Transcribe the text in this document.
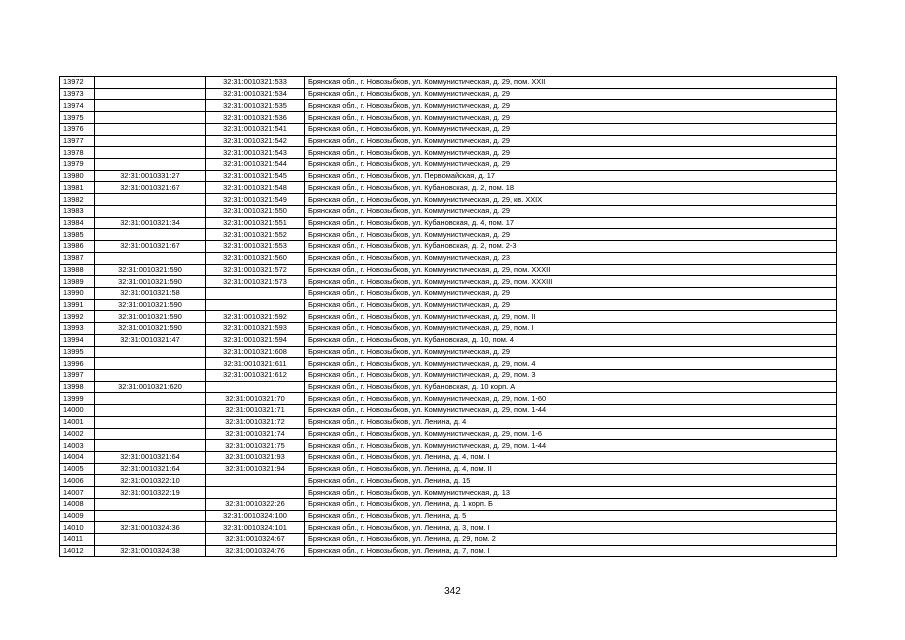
13972		32:31:0010321:533	Брянская обл., г. Новозыбков, ул. Коммунистическая, д. 29, пом. XXII
13973		32:31:0010321:534	Брянская обл., г. Новозыбков, ул. Коммунистическая, д. 29
13974		32:31:0010321:535	Брянская обл., г. Новозыбков, ул. Коммунистическая, д. 29
13975		32:31:0010321:536	Брянская обл., г. Новозыбков, ул. Коммунистическая, д. 29
13976		32:31:0010321:541	Брянская обл., г. Новозыбков, ул. Коммунистическая, д. 29
13977		32:31:0010321:542	Брянская обл., г. Новозыбков, ул. Коммунистическая, д. 29
13978		32:31:0010321:543	Брянская обл., г. Новозыбков, ул. Коммунистическая, д. 29
13979		32:31:0010321:544	Брянская обл., г. Новозыбков, ул. Коммунистическая, д. 29
13980	32:31:0010331:27	32:31:0010321:545	Брянская обл., г. Новозыбков, ул. Первомайская, д. 17
13981	32:31:0010321:67	32:31:0010321:548	Брянская обл., г. Новозыбков, ул. Кубановская, д. 2, пом. 18
13982		32:31:0010321:549	Брянская обл., г. Новозыбков, ул. Коммунистическая, д. 29, кв. XXIX
13983		32:31:0010321:550	Брянская обл., г. Новозыбков, ул. Коммунистическая, д. 29
13984	32:31:0010321:34	32:31:0010321:551	Брянская обл., г. Новозыбков, ул. Кубановская, д. 4, пом. 17
13985		32:31:0010321:552	Брянская обл., г. Новозыбков, ул. Коммунистическая, д. 29
13986	32:31:0010321:67	32:31:0010321:553	Брянская обл., г. Новозыбков, ул. Кубановская, д. 2, пом. 2-3
13987		32:31:0010321:560	Брянская обл., г. Новозыбков, ул. Коммунистическая, д. 23
13988	32:31:0010321:590	32:31:0010321:572	Брянская обл., г. Новозыбков, ул. Коммунистическая, д. 29, пом. XXXII
13989	32:31:0010321:590	32:31:0010321:573	Брянская обл., г. Новозыбков, ул. Коммунистическая, д. 29, пом. XXXIII
13990	32:31:0010321:58		Брянская обл., г. Новозыбков, ул. Коммунистическая, д. 29
13991	32:31:0010321:590		Брянская обл., г. Новозыбков, ул. Коммунистическая, д. 29
13992	32:31:0010321:590	32:31:0010321:592	Брянская обл., г. Новозыбков, ул. Коммунистическая, д. 29, пом. II
13993	32:31:0010321:590	32:31:0010321:593	Брянская обл., г. Новозыбков, ул. Коммунистическая, д. 29, пом. I
13994	32:31:0010321:47	32:31:0010321:594	Брянская обл., г. Новозыбков, ул. Кубановская, д. 10, пом. 4
13995		32:31:0010321:608	Брянская обл., г. Новозыбков, ул. Коммунистическая, д. 29
13996		32:31:0010321:611	Брянская обл., г. Новозыбков, ул. Коммунистическая, д. 29, пом. 4
13997		32:31:0010321:612	Брянская обл., г. Новозыбков, ул. Коммунистическая, д. 29, пом. 3
13998	32:31:0010321:620		Брянская обл., г. Новозыбков, ул. Кубановская, д. 10 корп. А
13999		32:31:0010321:70	Брянская обл., г. Новозыбков, ул. Коммунистическая, д. 29, пом. 1-60
14000		32:31:0010321:71	Брянская обл., г. Новозыбков, ул. Коммунистическая, д. 29, пом. 1-44
14001		32:31:0010321:72	Брянская обл., г. Новозыбков, ул. Ленина, д. 4
14002		32:31:0010321:74	Брянская обл., г. Новозыбков, ул. Коммунистическая, д. 29, пом. 1-6
14003		32:31:0010321:75	Брянская обл., г. Новозыбков, ул. Коммунистическая, д. 29, пом. 1-44
14004	32:31:0010321:64	32:31:0010321:93	Брянская обл., г. Новозыбков, ул. Ленина, д. 4, пом. I
14005	32:31:0010321:64	32:31:0010321:94	Брянская обл., г. Новозыбков, ул. Ленина, д. 4, пом. II
14006	32:31:0010322:10		Брянская обл., г. Новозыбков, ул. Ленина, д. 15
14007	32:31:0010322:19		Брянская обл., г. Новозыбков, ул. Коммунистическая, д. 13
14008		32:31:0010322:26	Брянская обл., г. Новозыбков, ул. Ленина, д. 1 корп. Б
14009		32:31:0010324:100	Брянская обл., г. Новозыбков, ул. Ленина, д. 5
14010	32:31:0010324:36	32:31:0010324:101	Брянская обл., г. Новозыбков, ул. Ленина, д. 3, пом. I
14011		32:31:0010324:67	Брянская обл., г. Новозыбков, ул. Ленина, д. 29, пом. 2
14012	32:31:0010324:38	32:31:0010324:76	Брянская обл., г. Новозыбков, ул. Ленина, д. 7, пом. I
342
